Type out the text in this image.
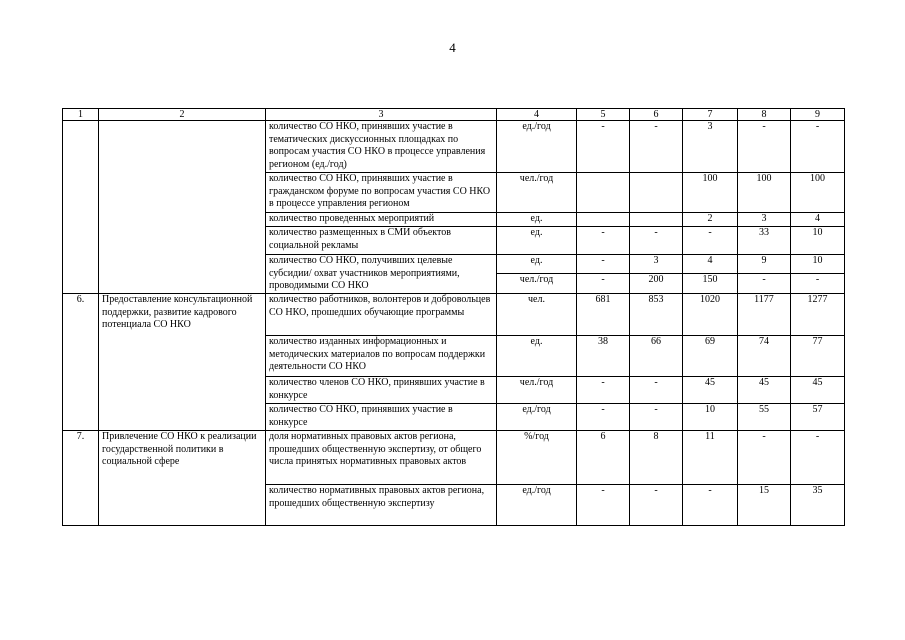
4
1	2	3	4	5	6	7	8	9
		количество СО НКО, принявших участие в тематических дискуссионных площадках по вопросам участия СО НКО в процессе управления регионом (ед./год)	ед./год	-	-	3	-	-
		количество СО НКО, принявших участие в гражданском форуме по вопросам участия СО НКО в процессе управления регионом	чел./год			100	100	100
		количество проведенных мероприятий	ед.			2	3	4
		количество размещенных в СМИ объектов социальной рекламы	ед.	-	-	-	33	10
		количество СО НКО, получивших целевые субсидии/ охват участников мероприятиями, проводимыми СО НКО	ед.	-	3	4	9	10
			чел./год	-	200	150	-	-
6.	Предоставление консультационной поддержки, развитие кадрового потенциала СО НКО	количество работников, волонтеров и добровольцев СО НКО, прошедших обучающие программы	чел.	681	853	1020	1177	1277
		количество изданных информационных и методических материалов по вопросам поддержки деятельности СО НКО	ед.	38	66	69	74	77
		количество членов СО НКО, принявших участие в конкурсе	чел./год	-	-	45	45	45
		количество СО НКО, принявших участие в конкурсе	ед./год	-	-	10	55	57
7.	Привлечение СО НКО к реализации государственной политики в социальной сфере	доля нормативных правовых актов региона, прошедших общественную экспертизу, от общего числа принятых нормативных правовых актов	%/год	6	8	11	-	-
		количество нормативных правовых актов региона, прошедших общественную экспертизу	ед./год	-	-	-	15	35
